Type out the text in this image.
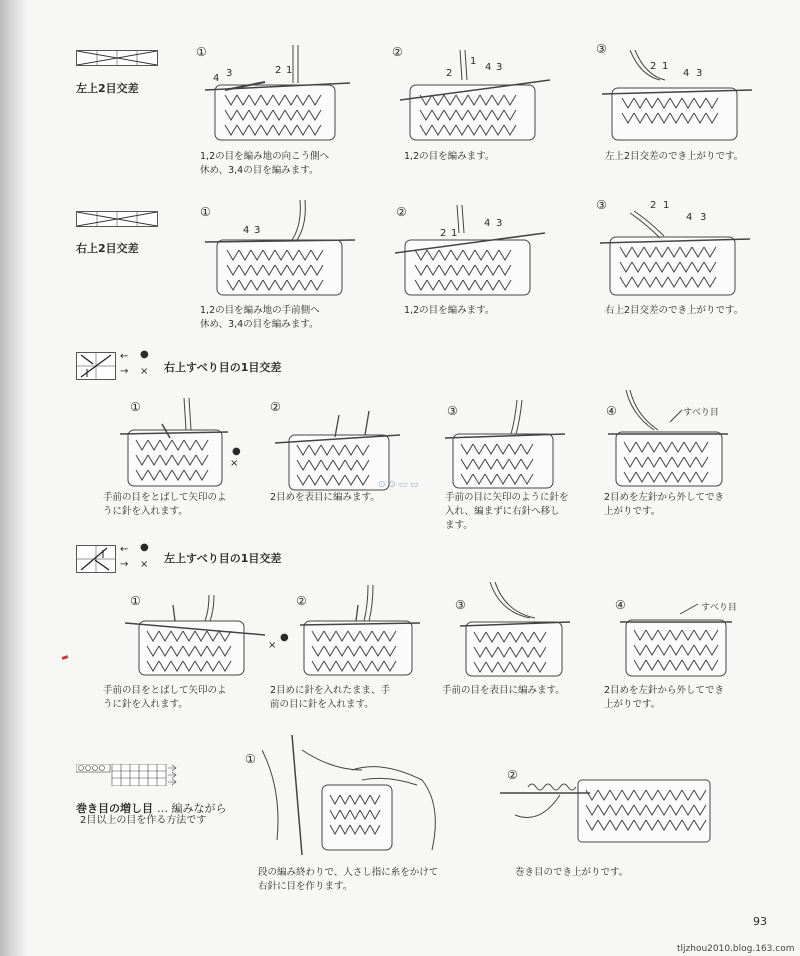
左上2目交差
①
4 3	2 1
1,2の目を編み地の向こう側へ
休め、3,4の目を編みます。
②
2
1
4 3
1,2の目を編みます。
③
2 1
4 3
左上2目交差のでき上がりです。
右上2目交差
①
4 3
1,2の目を編み地の手前側へ
休め、3,4の目を編みます。
②
2 1
4 3
1,2の目を編みます。
③	2 1
4 3
右上2目交差のでき上がりです。
← ●
→ × 右上すべり目の1目交差
①
●
×
手前の目をとばして矢印のよ
うに針を入れます。
②
2目めを表目に編みます。
③
手前の目に矢印のように針を
入れ、編まずに右針へ移し
ます。
④	すべり目
2目めを左針から外してでき
上がりです。
← ●
→ × 左上すべり目の1目交差
①
×
●
手前の目をとばして矢印のよ
うに針を入れます。
②
2目めに針を入れたまま、手
前の目に針を入れます。
③
手前の目を表目に編みます。
④	すべり目
2目めを左針から外してでき
上がりです。
巻き目の増し目 … 編みながら
2目以上の目を作る方法です
①
段の編み終わりで、人さし指に糸をかけて
右針に目を作ります。
②
巻き目のでき上がりです。
⊙ ⊙ ▭ ▭
93
tljzhou2010.blog.163.com
